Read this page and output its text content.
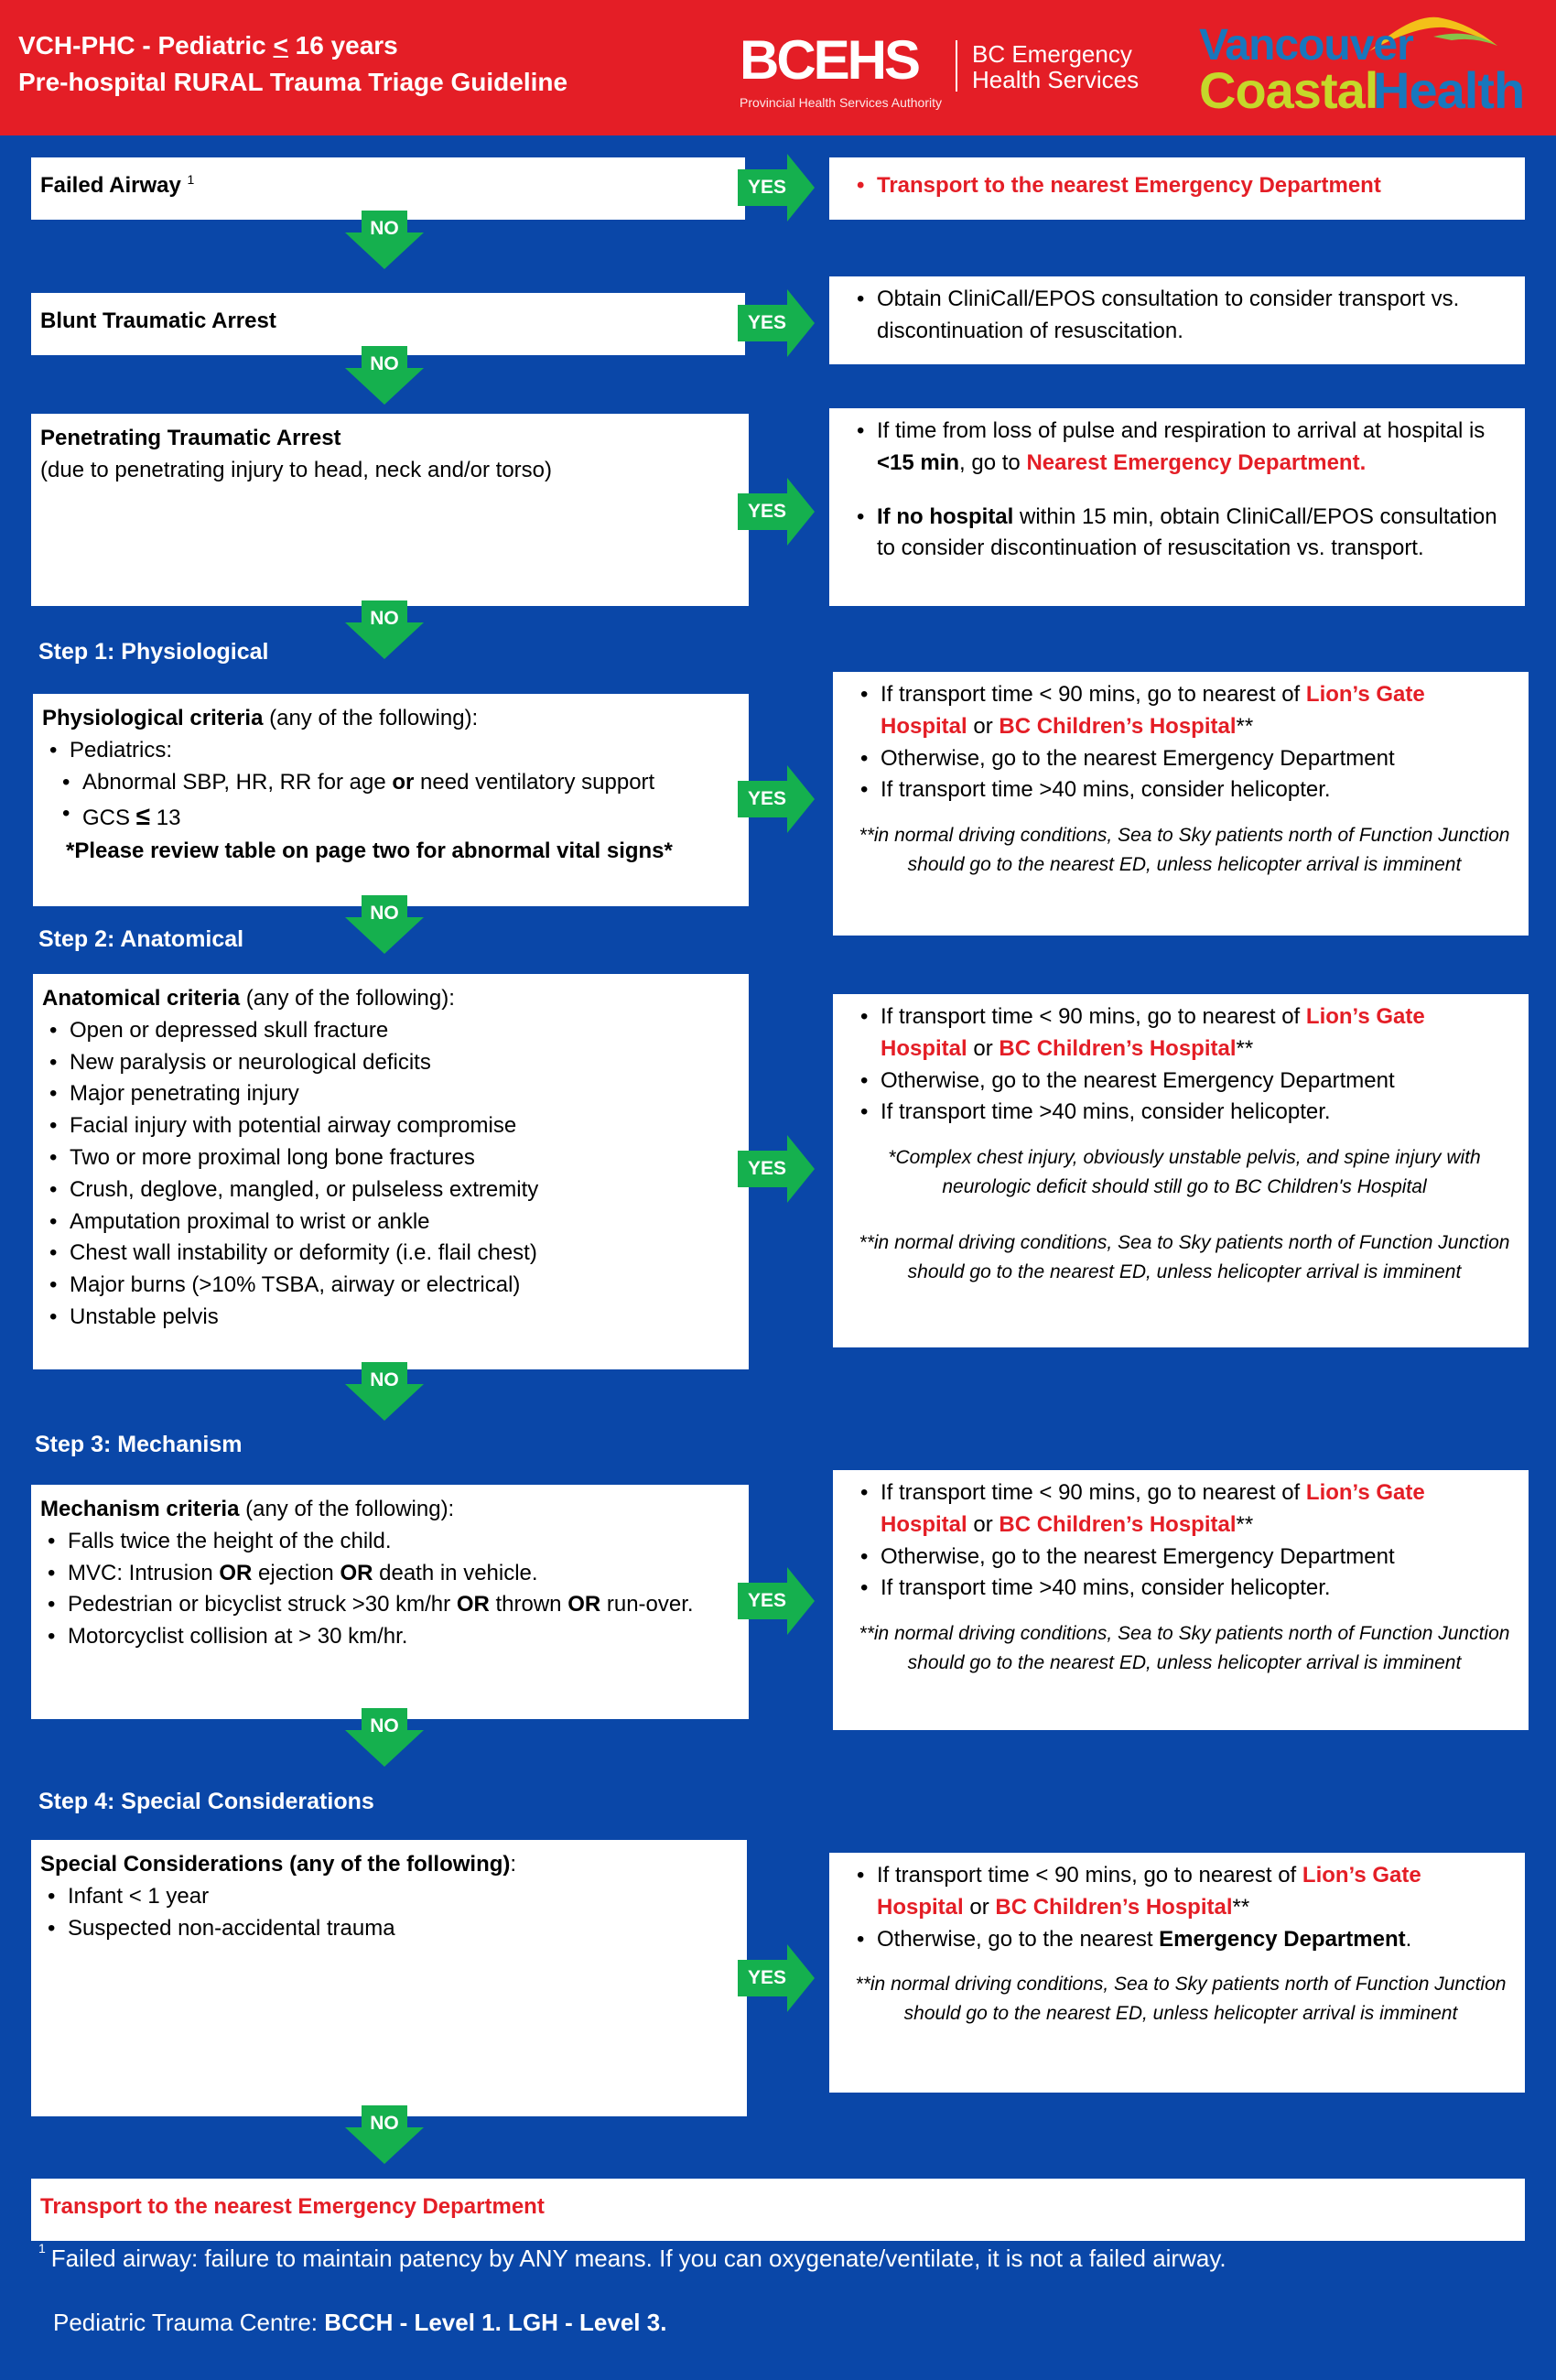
VCH-PHC - Pediatric ≤ 16 years
Pre-hospital RURAL Trauma Triage Guideline	BCEHS BC Emergency
Health Services
Provincial Health Services Authority
Vancouver
Coastal
Health
Failed Airway $^1$	• Transport to the nearest Emergency Department
Blunt Traumatic Arrest
• Obtain CliniCall/EPOS consultation to consider transport vs. discontinuation of resuscitation.
Penetrating Traumatic Arrest
(due to penetrating injury to head, neck and/or torso)
• If time from loss of pulse and respiration to arrival at hospital is <15 min, go to Nearest Emergency Department.
• If no hospital within 15 min, obtain CliniCall/EPOS consultation to consider discontinuation of resuscitation vs. transport.
Step 1: Physiological
Physiological criteria (any of the following):
• Pediatrics:
• Abnormal SBP, HR, RR for age or need ventilatory support
• GCS ≤ 13
*Please review table on page two for abnormal vital signs*
• If transport time < 90 mins, go to nearest of Lion’s Gate Hospital or BC Children’s Hospital**
• Otherwise, go to the nearest Emergency Department
• If transport time >40 mins, consider helicopter.
**in normal driving conditions, Sea to Sky patients north of Function Junction should go to the nearest ED, unless helicopter arrival is imminent
Step 2: Anatomical
Anatomical criteria (any of the following):
• Open or depressed skull fracture
• New paralysis or neurological deficits
• Major penetrating injury
• Facial injury with potential airway compromise
• Two or more proximal long bone fractures
• Crush, deglove, mangled, or pulseless extremity
• Amputation proximal to wrist or ankle
• Chest wall instability or deformity (i.e. flail chest)
• Major burns (>10% TSBA, airway or electrical)
• Unstable pelvis
• If transport time < 90 mins, go to nearest of Lion’s Gate Hospital or BC Children’s Hospital**
• Otherwise, go to the nearest Emergency Department
• If transport time >40 mins, consider helicopter.
*Complex chest injury, obviously unstable pelvis, and spine injury with neurologic deficit should still go to BC Children's Hospital
**in normal driving conditions, Sea to Sky patients north of Function Junction should go to the nearest ED, unless helicopter arrival is imminent
Step 3: Mechanism
Mechanism criteria (any of the following):
• Falls twice the height of the child.
• MVC: Intrusion OR ejection OR death in vehicle.
• Pedestrian or bicyclist struck >30 km/hr OR thrown OR run-over.
• Motorcyclist collision at > 30 km/hr.
• If transport time < 90 mins, go to nearest of Lion’s Gate Hospital or BC Children’s Hospital**
• Otherwise, go to the nearest Emergency Department
• If transport time >40 mins, consider helicopter.
**in normal driving conditions, Sea to Sky patients north of Function Junction should go to the nearest ED, unless helicopter arrival is imminent
Step 4: Special Considerations
Special Considerations (any of the following):
• Infant < 1 year
• Suspected non-accidental trauma
• If transport time < 90 mins, go to nearest of Lion’s Gate Hospital or BC Children’s Hospital**
• Otherwise, go to the nearest Emergency Department.
**in normal driving conditions, Sea to Sky patients north of Function Junction should go to the nearest ED, unless helicopter arrival is imminent
Transport to the nearest Emergency Department
$^1$ Failed airway: failure to maintain patency by ANY means. If you can oxygenate/ventilate, it is not a failed airway.
Pediatric Trauma Centre: BCCH - Level 1. LGH - Level 3.
YES
YES
YES
YES
YES
YES
YES
NO
NO
NO
NO
NO
NO
NO
